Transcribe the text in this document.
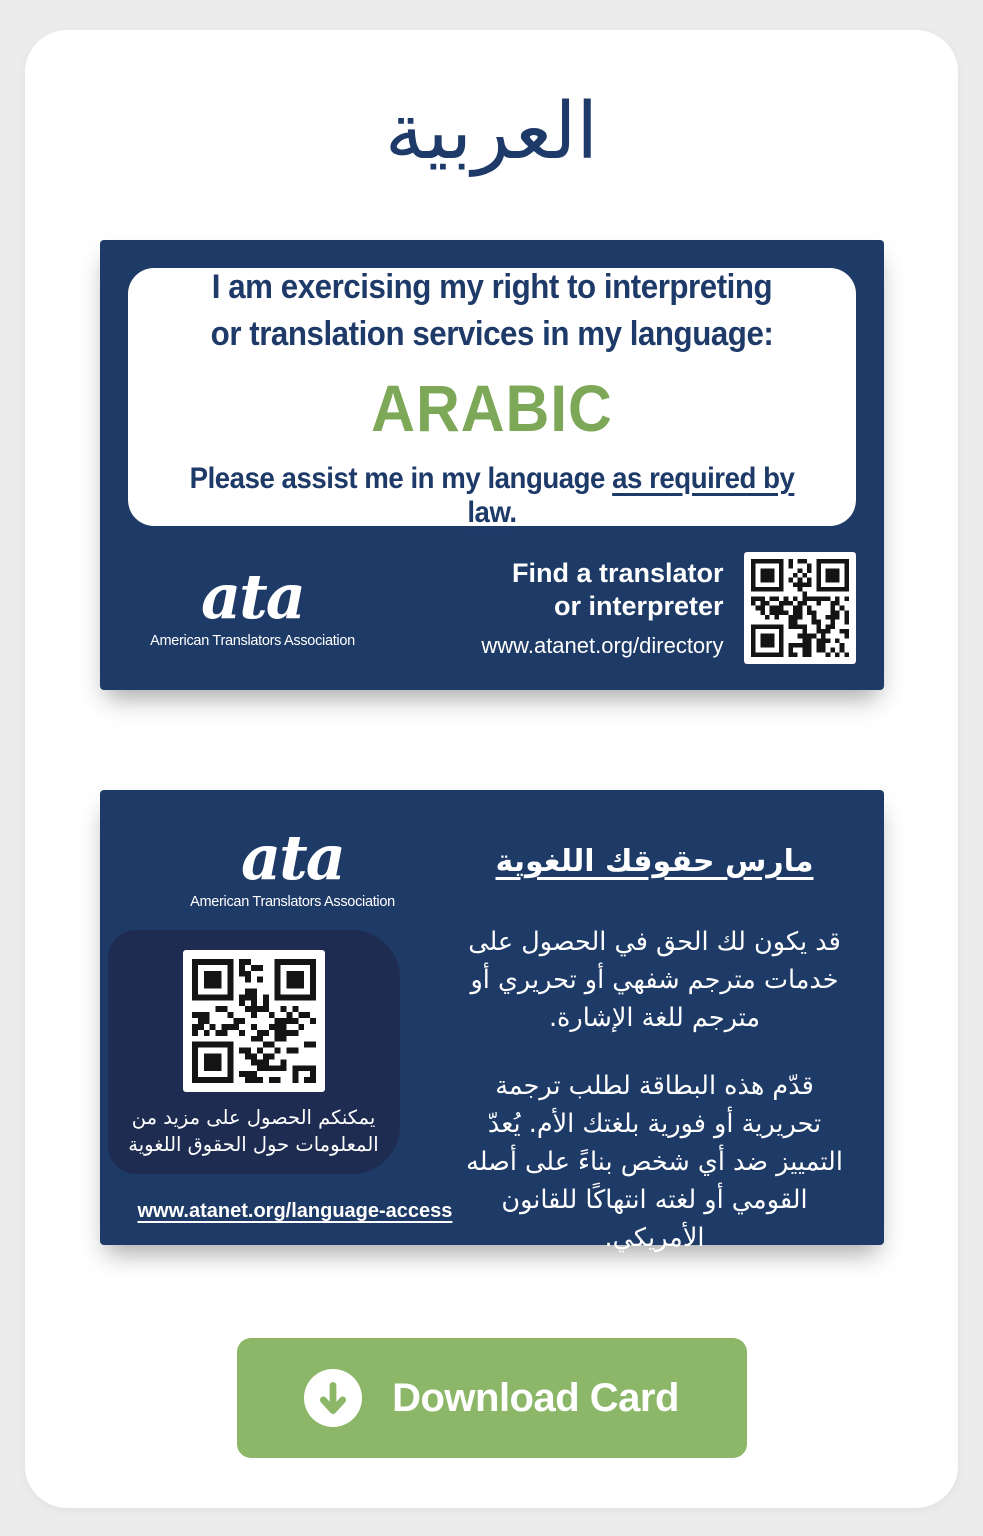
العربية
I am exercising my right to interpreting
or translation services in my language:
ARABIC
Please assist me in my language as required by law.
ata
American Translators Association
Find a translator
or interpreter
www.atanet.org/directory
ata
American Translators Association
يمكنكم الحصول على مزيد من المعلومات حول الحقوق اللغوية
www.atanet.org/language-access
مارس حقوقك اللغوية

قد يكون لك الحق في الحصول على خدمات مترجم شفهي أو تحريري أو مترجم للغة الإشارة.

قدّم هذه البطاقة لطلب ترجمة تحريرية أو فورية بلغتك الأم. يُعدّ التمييز ضد أي شخص بناءً على أصله القومي أو لغته انتهاكًا للقانون الأمريكي.

Download Card
